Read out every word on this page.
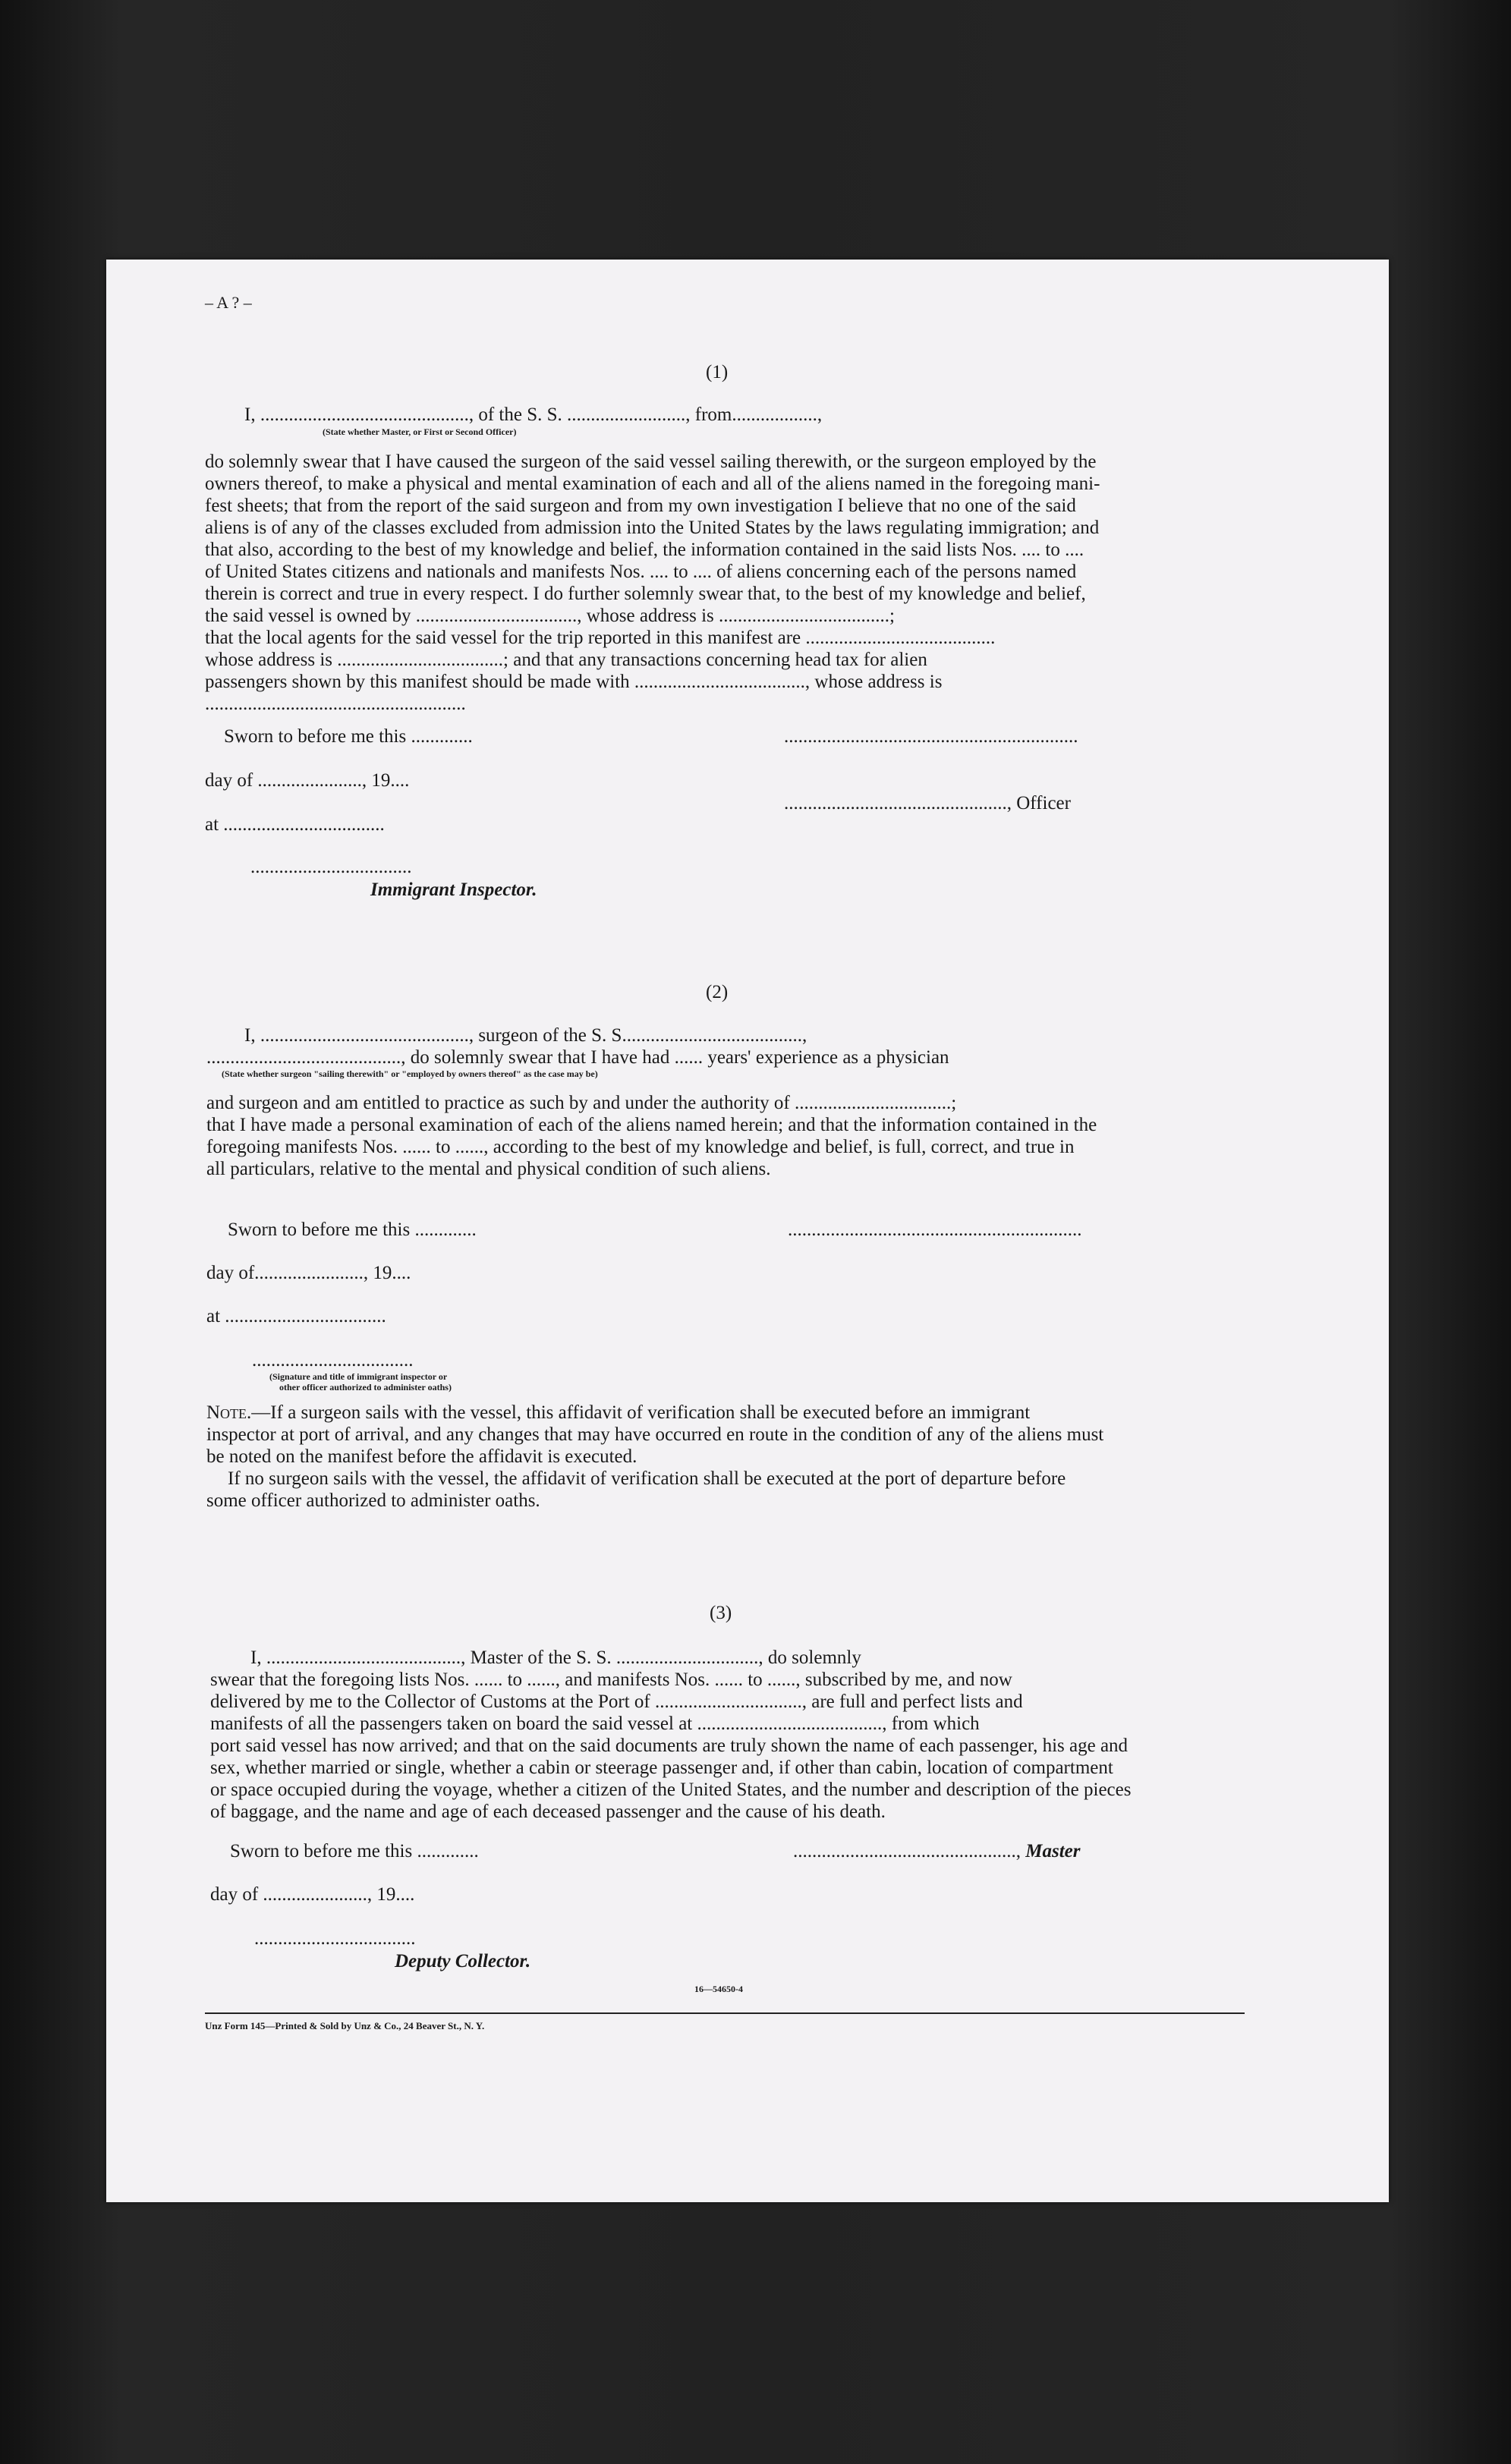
– A ? –
(1)
I, ............................................, of the S. S. ........................., from..................,
(State whether Master, or First or Second Officer)
do solemnly swear that I have caused the surgeon of the said vessel sailing therewith, or the surgeon employed by the
owners thereof, to make a physical and mental examination of each and all of the aliens named in the foregoing mani-
fest sheets; that from the report of the said surgeon and from my own investigation I believe that no one of the said
aliens is of any of the classes excluded from admission into the United States by the laws regulating immigration; and
that also, according to the best of my knowledge and belief, the information contained in the said lists Nos. .... to ....
of United States citizens and nationals and manifests Nos. .... to .... of aliens concerning each of the persons named
therein is correct and true in every respect. I do further solemnly swear that, to the best of my knowledge and belief,
the said vessel is owned by .................................., whose address is ....................................;
that the local agents for the said vessel for the trip reported in this manifest are ........................................
whose address is ...................................; and that any transactions concerning head tax for alien
passengers shown by this manifest should be made with ...................................., whose address is
.......................................................
Sworn to before me this .............	..............................................................
day of ......................, 19....
..............................................., Officer
at ..................................
..................................
Immigrant Inspector.
(2)
I, ............................................, surgeon of the S. S......................................,
........................................., do solemnly swear that I have had ...... years' experience as a physician
(State whether surgeon "sailing therewith" or "employed by owners thereof" as the case may be)
and surgeon and am entitled to practice as such by and under the authority of .................................;
that I have made a personal examination of each of the aliens named herein; and that the information contained in the
foregoing manifests Nos. ...... to ......, according to the best of my knowledge and belief, is full, correct, and true in
all particulars, relative to the mental and physical condition of such aliens.
Sworn to before me this .............	..............................................................
day of......................., 19....
at ..................................
..................................
(Signature and title of immigrant inspector or
other officer authorized to administer oaths)
Note.—If a surgeon sails with the vessel, this affidavit of verification shall be executed before an immigrant
inspector at port of arrival, and any changes that may have occurred en route in the condition of any of the aliens must
be noted on the manifest before the affidavit is executed.
If no surgeon sails with the vessel, the affidavit of verification shall be executed at the port of departure before
some officer authorized to administer oaths.
(3)
I, ........................................., Master of the S. S. .............................., do solemnly
swear that the foregoing lists Nos. ...... to ......, and manifests Nos. ...... to ......, subscribed by me, and now
delivered by me to the Collector of Customs at the Port of ..............................., are full and perfect lists and
manifests of all the passengers taken on board the said vessel at ......................................., from which
port said vessel has now arrived; and that on the said documents are truly shown the name of each passenger, his age and
sex, whether married or single, whether a cabin or steerage passenger and, if other than cabin, location of compartment
or space occupied during the voyage, whether a citizen of the United States, and the number and description of the pieces
of baggage, and the name and age of each deceased passenger and the cause of his death.
Sworn to before me this .............	..............................................., Master
day of ......................, 19....
..................................
Deputy Collector.
16—54650-4
Unz Form 145—Printed & Sold by Unz & Co., 24 Beaver St., N. Y.
